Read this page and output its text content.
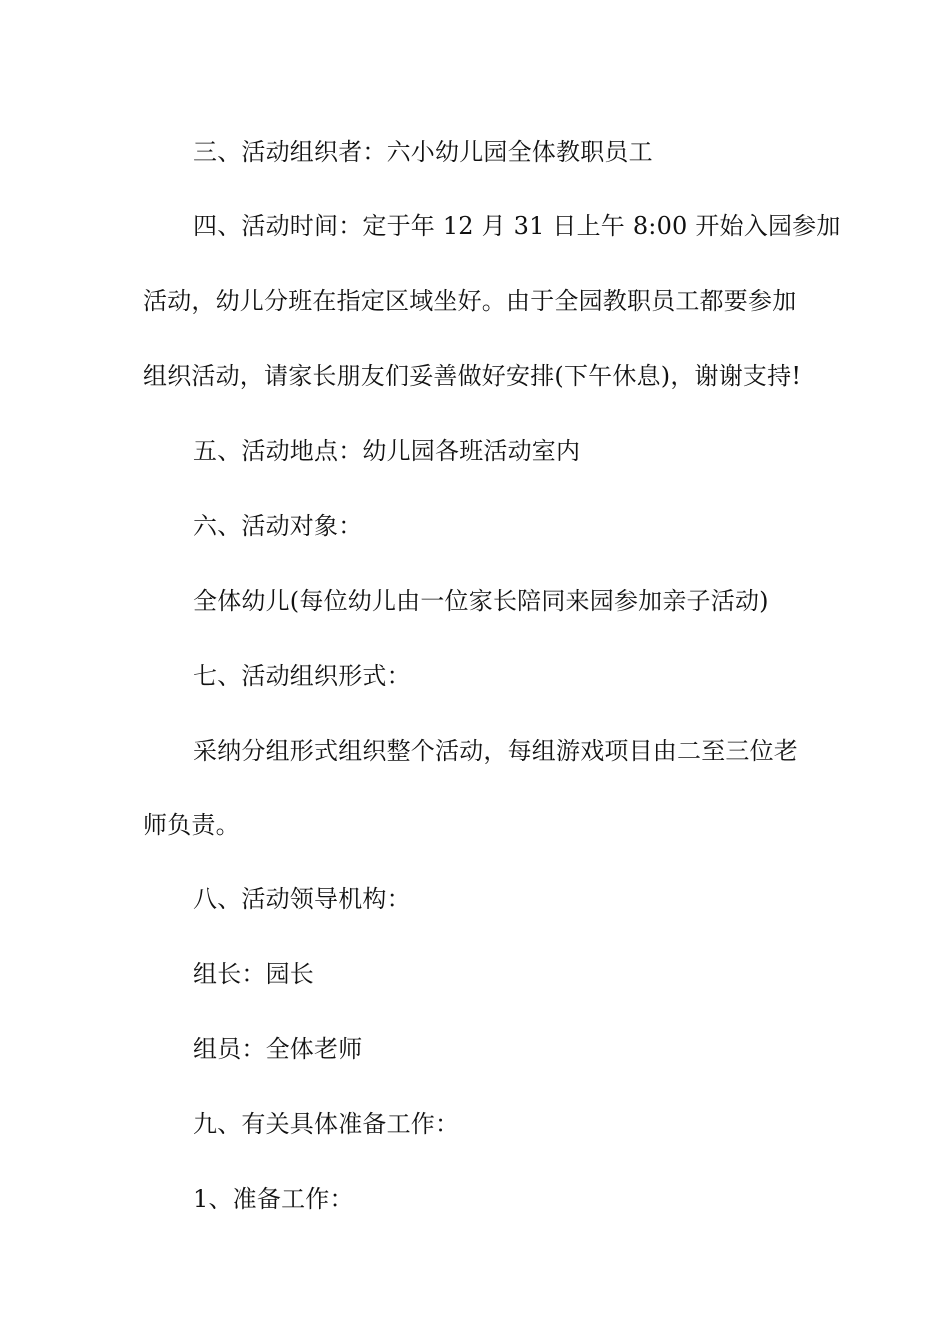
三、活动组织者：六小幼儿园全体教职员工
四、活动时间：定于年 12 月 31 日上午 8:00 开始入园参加
活动，幼儿分班在指定区域坐好。由于全园教职员工都要参加
组织活动，请家长朋友们妥善做好安排(下午休息)，谢谢支持!
五、活动地点：幼儿园各班活动室内
六、活动对象：
全体幼儿(每位幼儿由一位家长陪同来园参加亲子活动)
七、活动组织形式：
采纳分组形式组织整个活动，每组游戏项目由二至三位老
师负责。
八、活动领导机构：
组长：园长
组员：全体老师
九、有关具体准备工作：
1、准备工作：
